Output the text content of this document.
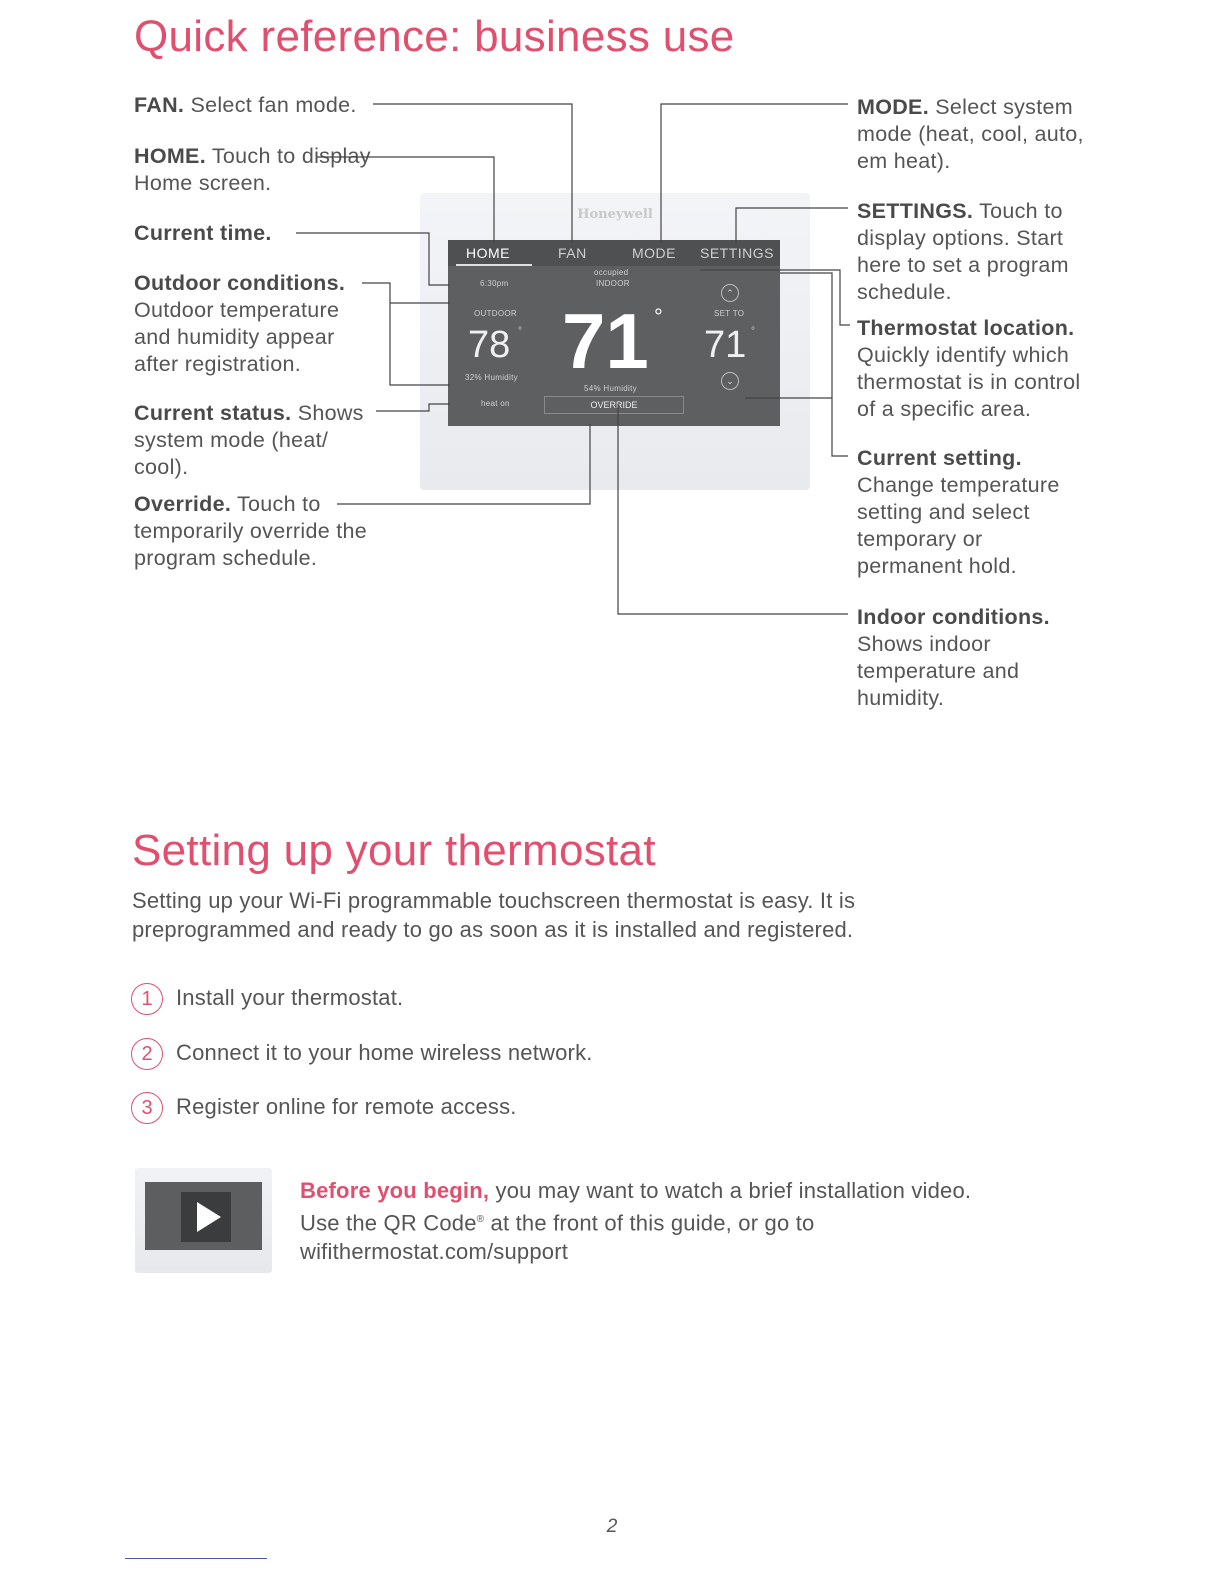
Quick reference: business use
FAN. Select fan mode.
HOME. Touch to display Home screen.
Current time.
Outdoor conditions. Outdoor temperature and humidity appear after registration.
Current status. Shows system mode (heat/ cool).
Override. Touch to temporarily override the program schedule.
MODE. Select system mode (heat, cool, auto, em heat).
SETTINGS. Touch to display options. Start here to set a program schedule.
Thermostat location. Quickly identify which thermostat is in control of a specific area.
Current setting. Change temperature setting and select temporary or permanent hold.
Indoor conditions. Shows indoor temperature and humidity.
Honeywell
HOME	FAN	MODE SETTINGS
6:30pm
occupied
INDOOR
OUTDOOR
78 °
32% Humidity 71 °
54% Humidity
⌃
SET TO
71 °
⌄
heat on	OVERRIDE
Setting up your thermostat

Setting up your Wi-Fi programmable touchscreen thermostat is easy. It is preprogrammed and ready to go as soon as it is installed and registered.

1	Install your thermostat.
2	Connect it to your home wireless network.
3	Register online for remote access.
Before you begin, you may want to watch a brief installation video.
Use the QR Code® at the front of this guide, or go to
wifithermostat.com/support
2
